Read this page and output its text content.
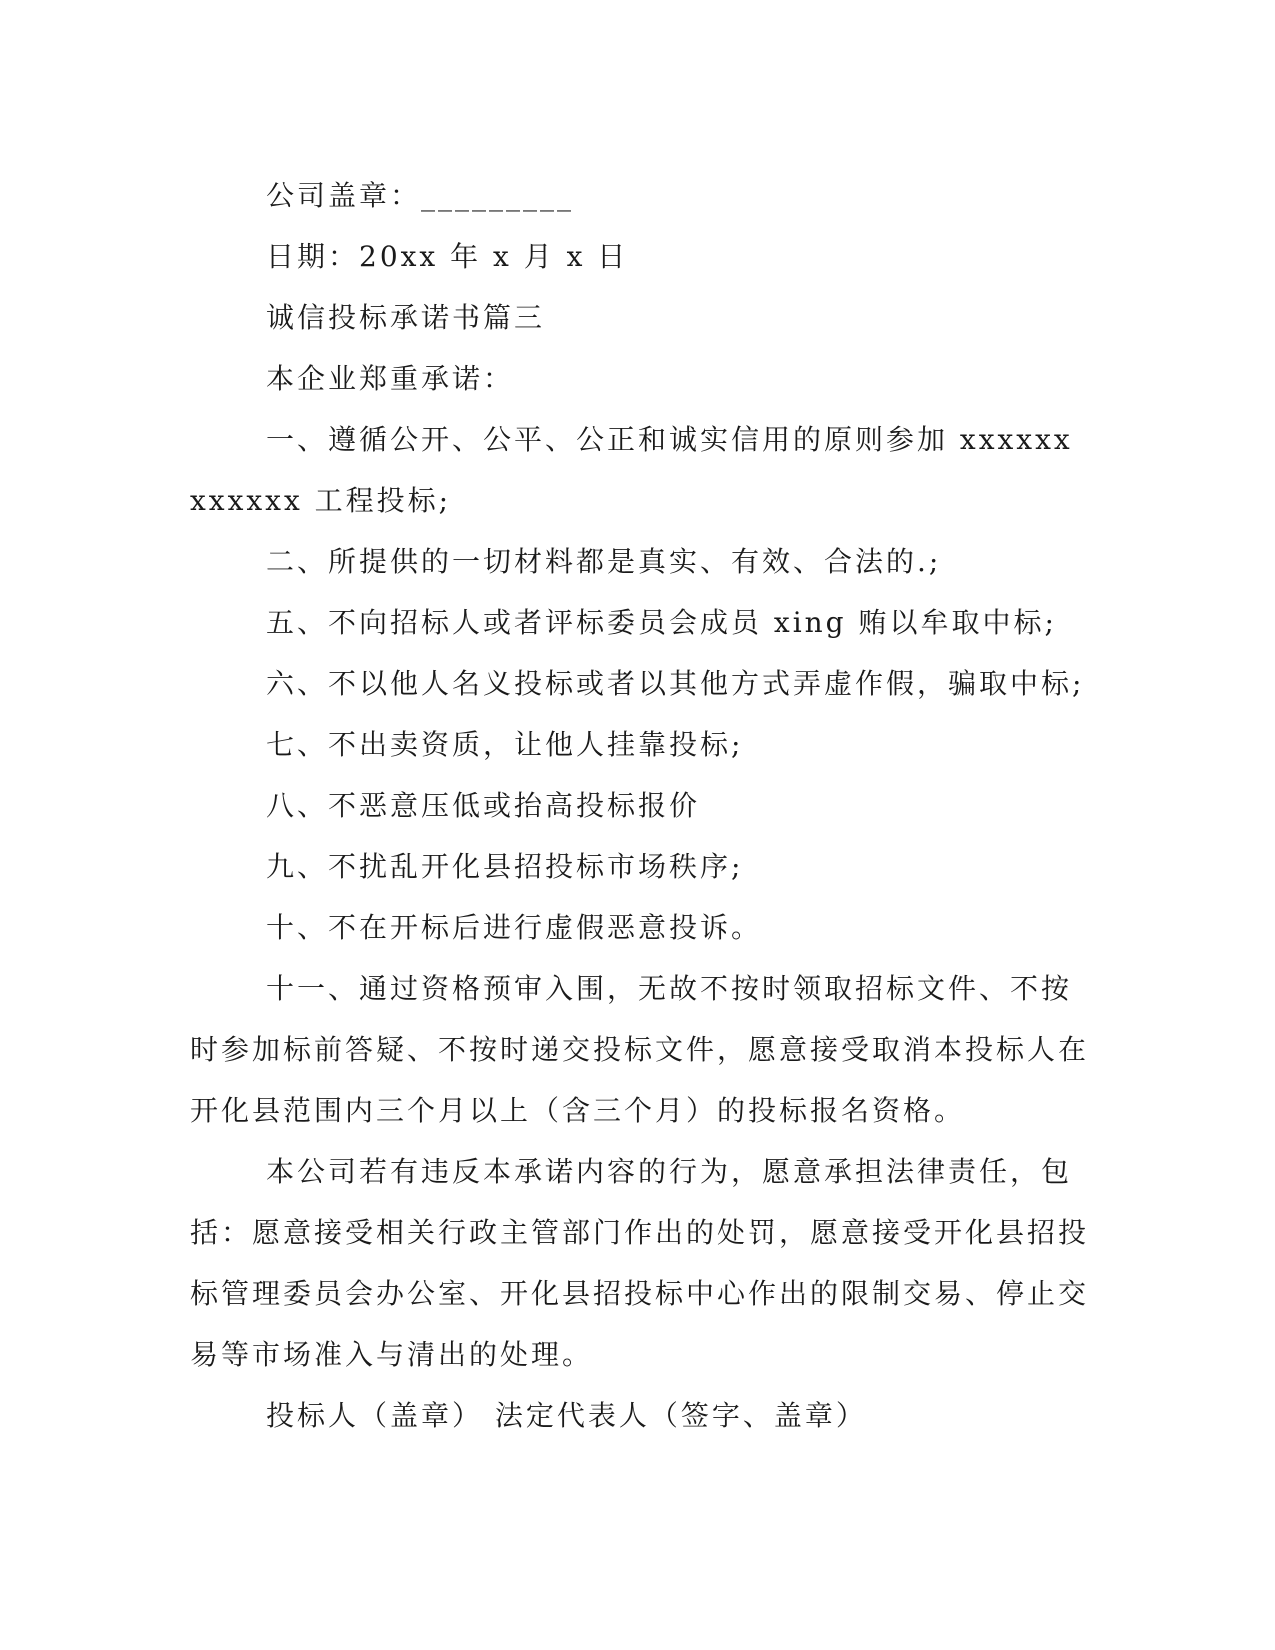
公司盖章：_________

日期：20xx 年 x 月 x 日

诚信投标承诺书篇三

本企业郑重承诺：

一、遵循公开、公平、公正和诚实信用的原则参加 xxxxxxxxxxxx 工程投标;

二、所提供的一切材料都是真实、有效、合法的.;

五、不向招标人或者评标委员会成员 xing 贿以牟取中标;

六、不以他人名义投标或者以其他方式弄虚作假，骗取中标;

七、不出卖资质，让他人挂靠投标;

八、不恶意压低或抬高投标报价

九、不扰乱开化县招投标市场秩序;

十、不在开标后进行虚假恶意投诉。

十一、通过资格预审入围，无故不按时领取招标文件、不按时参加标前答疑、不按时递交投标文件，愿意接受取消本投标人在开化县范围内三个月以上（含三个月）的投标报名资格。

本公司若有违反本承诺内容的行为，愿意承担法律责任，包括：愿意接受相关行政主管部门作出的处罚，愿意接受开化县招投标管理委员会办公室、开化县招投标中心作出的限制交易、停止交易等市场准入与清出的处理。

投标人（盖章） 法定代表人（签字、盖章）
